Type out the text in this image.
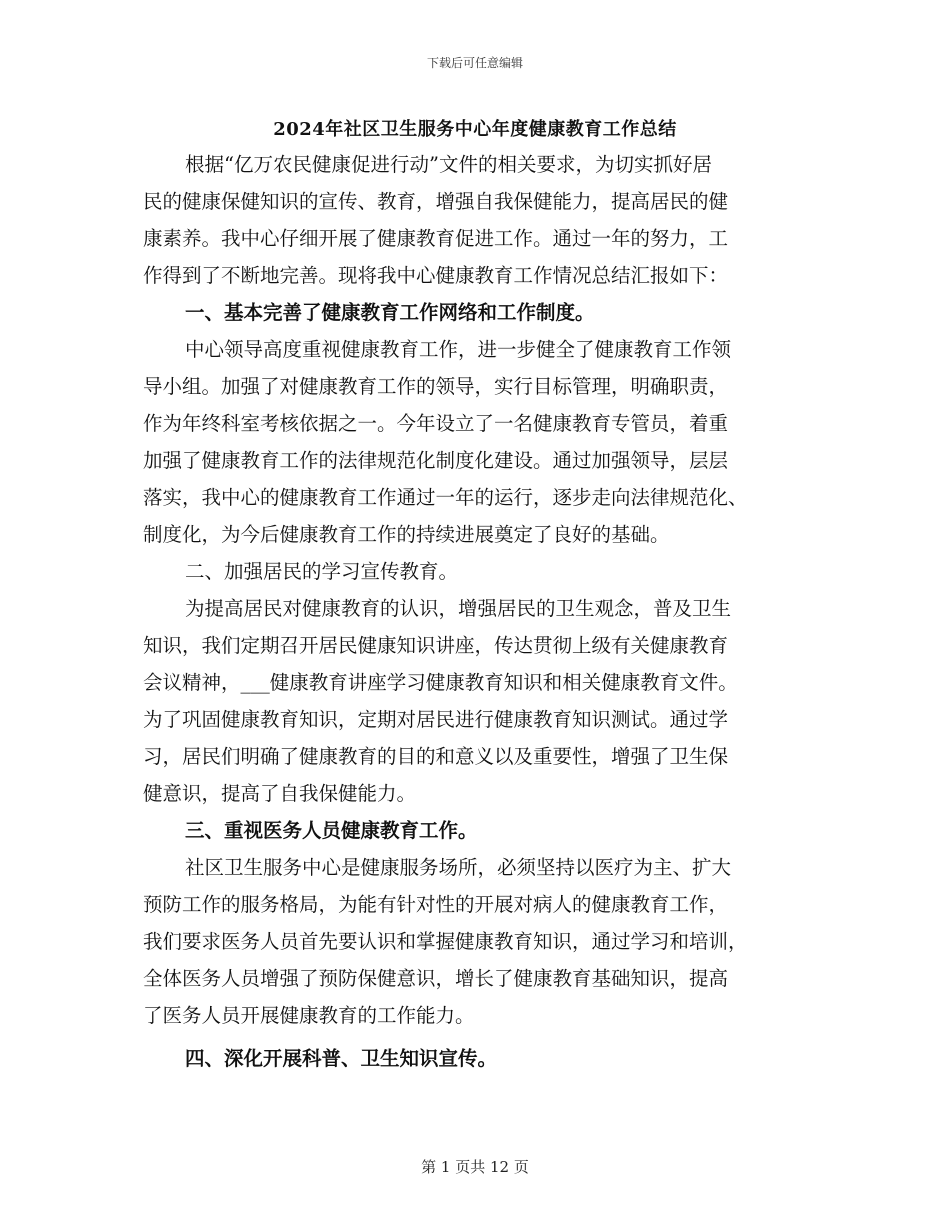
下载后可任意编辑
2024年社区卫生服务中心年度健康教育工作总结
根据“亿万农民健康促进行动”文件的相关要求，为切实抓好居
民的健康保健知识的宣传、教育，增强自我保健能力，提高居民的健
康素养。我中心仔细开展了健康教育促进工作。通过一年的努力，工
作得到了不断地完善。现将我中心健康教育工作情况总结汇报如下：
一、基本完善了健康教育工作网络和工作制度。
中心领导高度重视健康教育工作，进一步健全了健康教育工作领
导小组。加强了对健康教育工作的领导，实行目标管理，明确职责，
作为年终科室考核依据之一。今年设立了一名健康教育专管员，着重
加强了健康教育工作的法律规范化制度化建设。通过加强领导，层层
落实，我中心的健康教育工作通过一年的运行，逐步走向法律规范化、
制度化，为今后健康教育工作的持续进展奠定了良好的基础。
二、加强居民的学习宣传教育。
为提高居民对健康教育的认识，增强居民的卫生观念，普及卫生
知识，我们定期召开居民健康知识讲座，传达贯彻上级有关健康教育
会议精神，___健康教育讲座学习健康教育知识和相关健康教育文件。
为了巩固健康教育知识，定期对居民进行健康教育知识测试。通过学
习，居民们明确了健康教育的目的和意义以及重要性，增强了卫生保
健意识，提高了自我保健能力。
三、重视医务人员健康教育工作。
社区卫生服务中心是健康服务场所，必须坚持以医疗为主、扩大
预防工作的服务格局，为能有针对性的开展对病人的健康教育工作，
我们要求医务人员首先要认识和掌握健康教育知识，通过学习和培训，
全体医务人员增强了预防保健意识，增长了健康教育基础知识，提高
了医务人员开展健康教育的工作能力。
四、深化开展科普、卫生知识宣传。
第 1 页共 12 页
